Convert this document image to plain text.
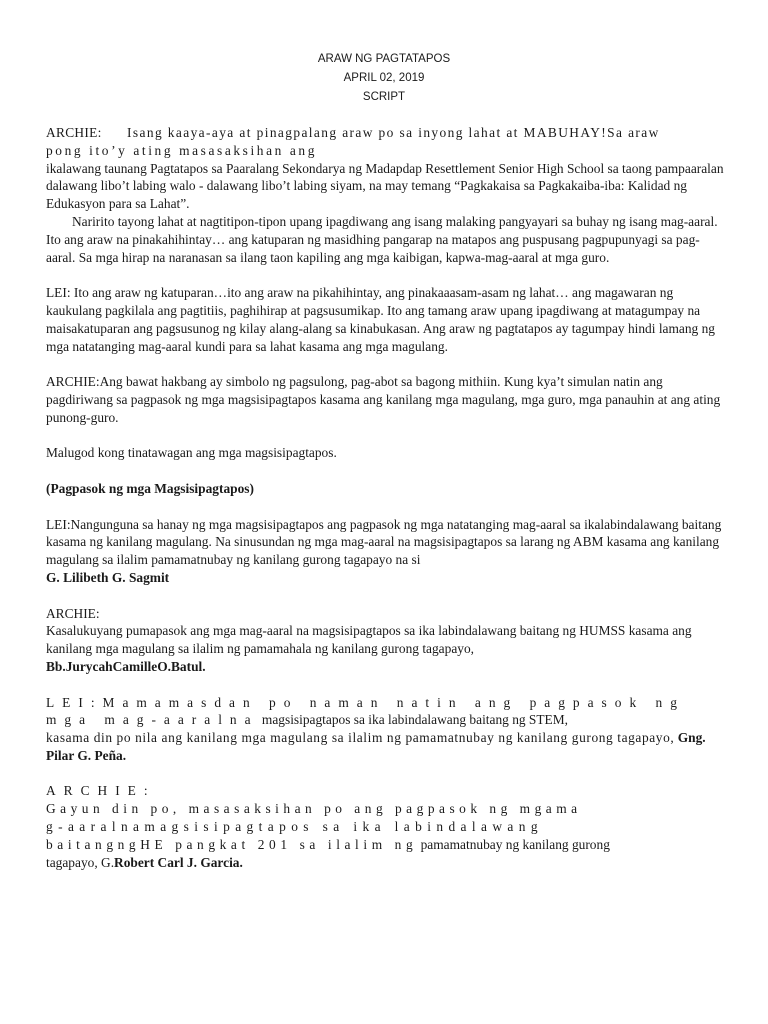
ARAW NG PAGTATAPOS
APRIL 02, 2019
SCRIPT

ARCHIE: Isang kaaya-aya at pinagpalang araw po sa inyong lahat at MABUHAY!Sa araw
pong ito’y ating masasaksihan ang
ikalawang taunang Pagtatapos sa Paaralang Sekondarya ng Madapdap Resettlement Senior High School sa taong pampaaralan dalawang libo’t labing walo - dalawang libo’t labing siyam, na may temang “Pagkakaisa sa Pagkakaiba-iba: Kalidad ng Edukasyon para sa Lahat”.

Naririto tayong lahat at nagtitipon-tipon upang ipagdiwang ang isang malaking pangyayari sa buhay ng isang mag-aaral. Ito ang araw na pinakahihintay… ang katuparan ng masidhing pangarap na matapos ang puspusang pagpupunyagi sa pag-aaral. Sa mga hirap na naranasan sa ilang taon kapiling ang mga kaibigan, kapwa-mag-aaral at mga guro.

LEI: Ito ang araw ng katuparan…ito ang araw na pikahihintay, ang pinakaaasam-asam ng lahat… ang magawaran ng kaukulang pagkilala ang pagtitiis, paghihirap at pagsusumikap. Ito ang tamang araw upang ipagdiwang at matagumpay na maisakatuparan ang pagsusunog ng kilay alang-alang sa kinabukasan. Ang araw ng pagtatapos ay tagumpay hindi lamang ng mga natatanging mag-aaral kundi para sa lahat kasama ang mga magulang.

ARCHIE:Ang bawat hakbang ay simbolo ng pagsulong, pag-abot sa bagong mithiin. Kung kya’t simulan natin ang pagdiriwang sa pagpasok ng mga magsisipagtapos kasama ang kanilang mga magulang, mga guro, mga panauhin at ang ating punong-guro.

Malugod kong tinatawagan ang mga magsisipagtapos.

(Pagpasok ng mga Magsisipagtapos)

LEI:Nangunguna sa hanay ng mga magsisipagtapos ang pagpasok ng mga natatanging mag-aaral sa ikalabindalawang baitang kasama ng kanilang magulang. Na sinusundan ng mga mag-aaral na magsisipagtapos sa larang ng ABM kasama ang kanilang magulang sa ilalim pamamatnubay ng kanilang gurong tagapayo na si
G. Lilibeth G. Sagmit

ARCHIE:
Kasalukuyang pumapasok ang mga mag-aaral na magsisipagtapos sa ika labindalawang baitang ng HUMSS kasama ang kanilang mga magulang sa ilalim ng pamamahala ng kanilang gurong tagapayo,
Bb.JurycahCamilleO.Batul.

LEI:Mamamasdan po naman natin ang pagpasok ng
mga mag-aaralna magsisipagtapos sa ika labindalawang baitang ng STEM,
kasama din po nila ang kanilang mga magulang sa ilalim ng pamamatnubay ng kanilang gurong tagapayo, Gng. Pilar G. Peña.

ARCHIE:
Gayun din po, masasaksihan po ang pagpasok ng mgama
g-aaralnamagsisipagtapos sa ika labindalawang
baitangngHE pangkat 201 sa ilalim ng pamamatnubay ng kanilang gurong
tagapayo, G.Robert Carl J. Garcia.
